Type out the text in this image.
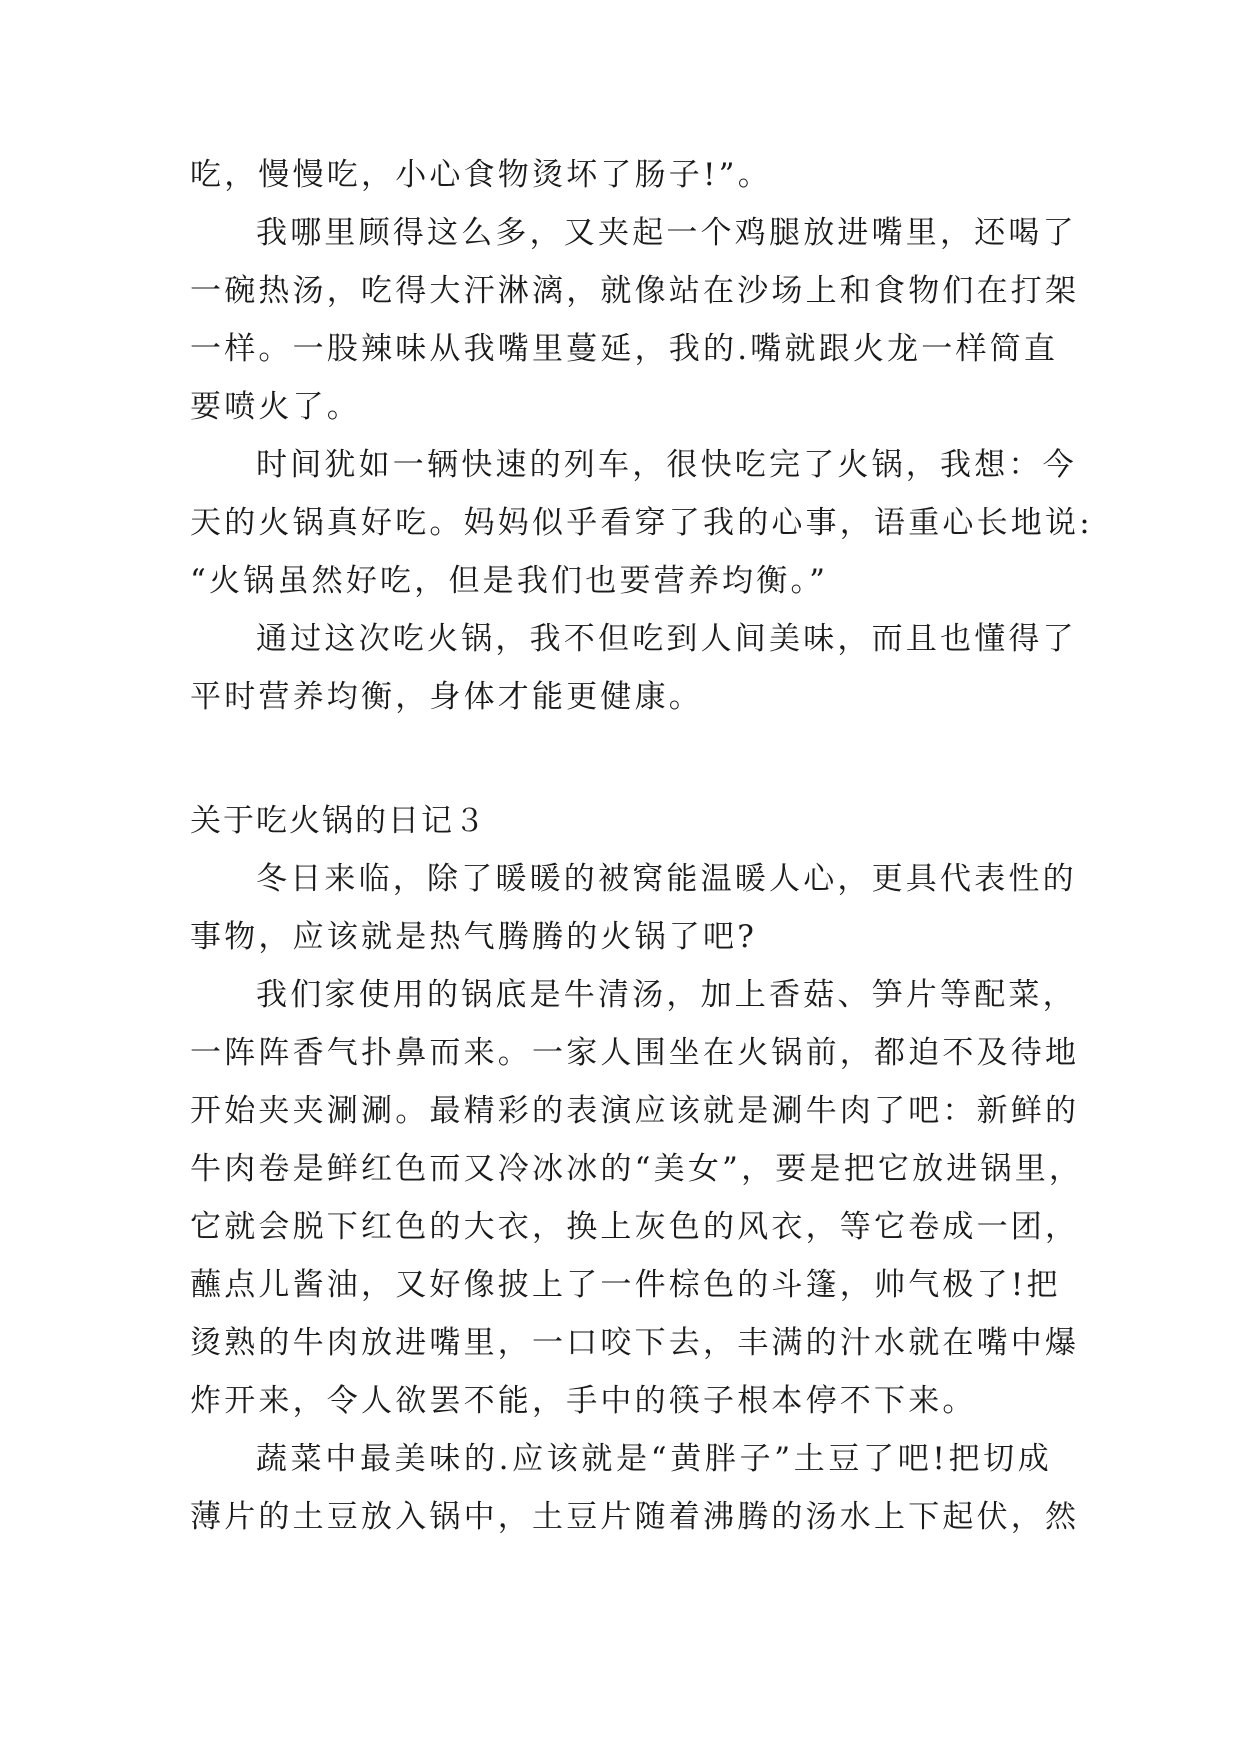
吃，慢慢吃，小心食物烫坏了肠子!”。
我哪里顾得这么多，又夹起一个鸡腿放进嘴里，还喝了
一碗热汤，吃得大汗淋漓，就像站在沙场上和食物们在打架
一样。一股辣味从我嘴里蔓延，我的.嘴就跟火龙一样简直
要喷火了。
时间犹如一辆快速的列车，很快吃完了火锅，我想：今
天的火锅真好吃。妈妈似乎看穿了我的心事，语重心长地说:
“火锅虽然好吃，但是我们也要营养均衡。”
通过这次吃火锅，我不但吃到人间美味，而且也懂得了
平时营养均衡，身体才能更健康。
关于吃火锅的日记３
冬日来临，除了暖暖的被窝能温暖人心，更具代表性的
事物，应该就是热气腾腾的火锅了吧?
我们家使用的锅底是牛清汤，加上香菇、笋片等配菜，
一阵阵香气扑鼻而来。一家人围坐在火锅前，都迫不及待地
开始夹夹涮涮。最精彩的表演应该就是涮牛肉了吧：新鲜的
牛肉卷是鲜红色而又冷冰冰的“美女”，要是把它放进锅里，
它就会脱下红色的大衣，换上灰色的风衣，等它卷成一团，
蘸点儿酱油，又好像披上了一件棕色的斗篷，帅气极了!把
烫熟的牛肉放进嘴里，一口咬下去，丰满的汁水就在嘴中爆
炸开来，令人欲罢不能，手中的筷子根本停不下来。
蔬菜中最美味的.应该就是“黄胖子”土豆了吧!把切成
薄片的土豆放入锅中，土豆片随着沸腾的汤水上下起伏，然
